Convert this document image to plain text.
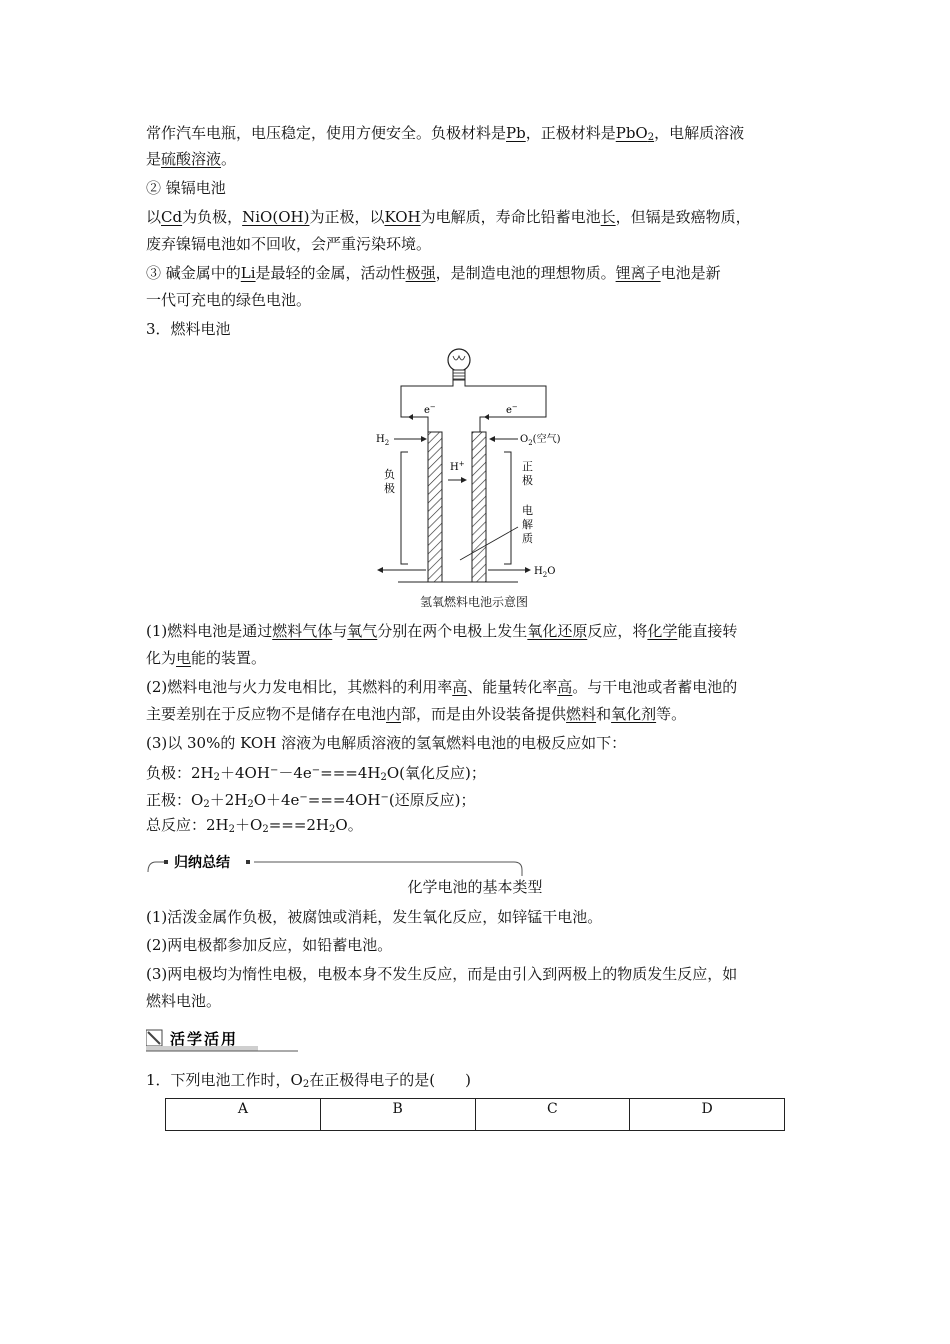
常作汽车电瓶，电压稳定，使用方便安全。负极材料是Pb，正极材料是PbO$_2$，电解质溶液
是硫酸溶液。
② 镍镉电池
以Cd为负极，NiO(OH)为正极，以KOH为电解质，寿命比铅蓄电池长，但镉是致癌物质，
废弃镍镉电池如不回收，会严重污染环境。
③ 碱金属中的Li是最轻的金属，活动性极强，是制造电池的理想物质。锂离子电池是新
一代可充电的绿色电池。
3．燃料电池
e−	e−
$H_2$	$O_2$(空气)
H+
负
极
正
极
电
解
质
$H_2O$
氢氧燃料电池示意图
(1)燃料电池是通过燃料气体与氧气分别在两个电极上发生氧化还原反应，将化学能直接转
化为电能的装置。
(2)燃料电池与火力发电相比，其燃料的利用率高、能量转化率高。与干电池或者蓄电池的
主要差别在于反应物不是储存在电池内部，而是由外设装备提供燃料和氧化剂等。
(3)以 30%的 KOH 溶液为电解质溶液的氢氧燃料电池的电极反应如下：
负极：$2H_2+4OH^--4e^-===4H_2O$(氧化反应)；
正极：$O_2+2H_2O+4e^-===4OH^-$(还原反应)；
总反应：$2H_2+O_2===2H_2O$。
归纳总结
化学电池的基本类型
(1)活泼金属作负极，被腐蚀或消耗，发生氧化反应，如锌锰干电池。
(2)两电极都参加反应，如铅蓄电池。
(3)两电极均为惰性电极，电极本身不发生反应，而是由引入到两极上的物质发生反应，如
燃料电池。
活学活用
1．下列电池工作时，$O_2$在正极得电子的是(　　)
A	B	C	D
